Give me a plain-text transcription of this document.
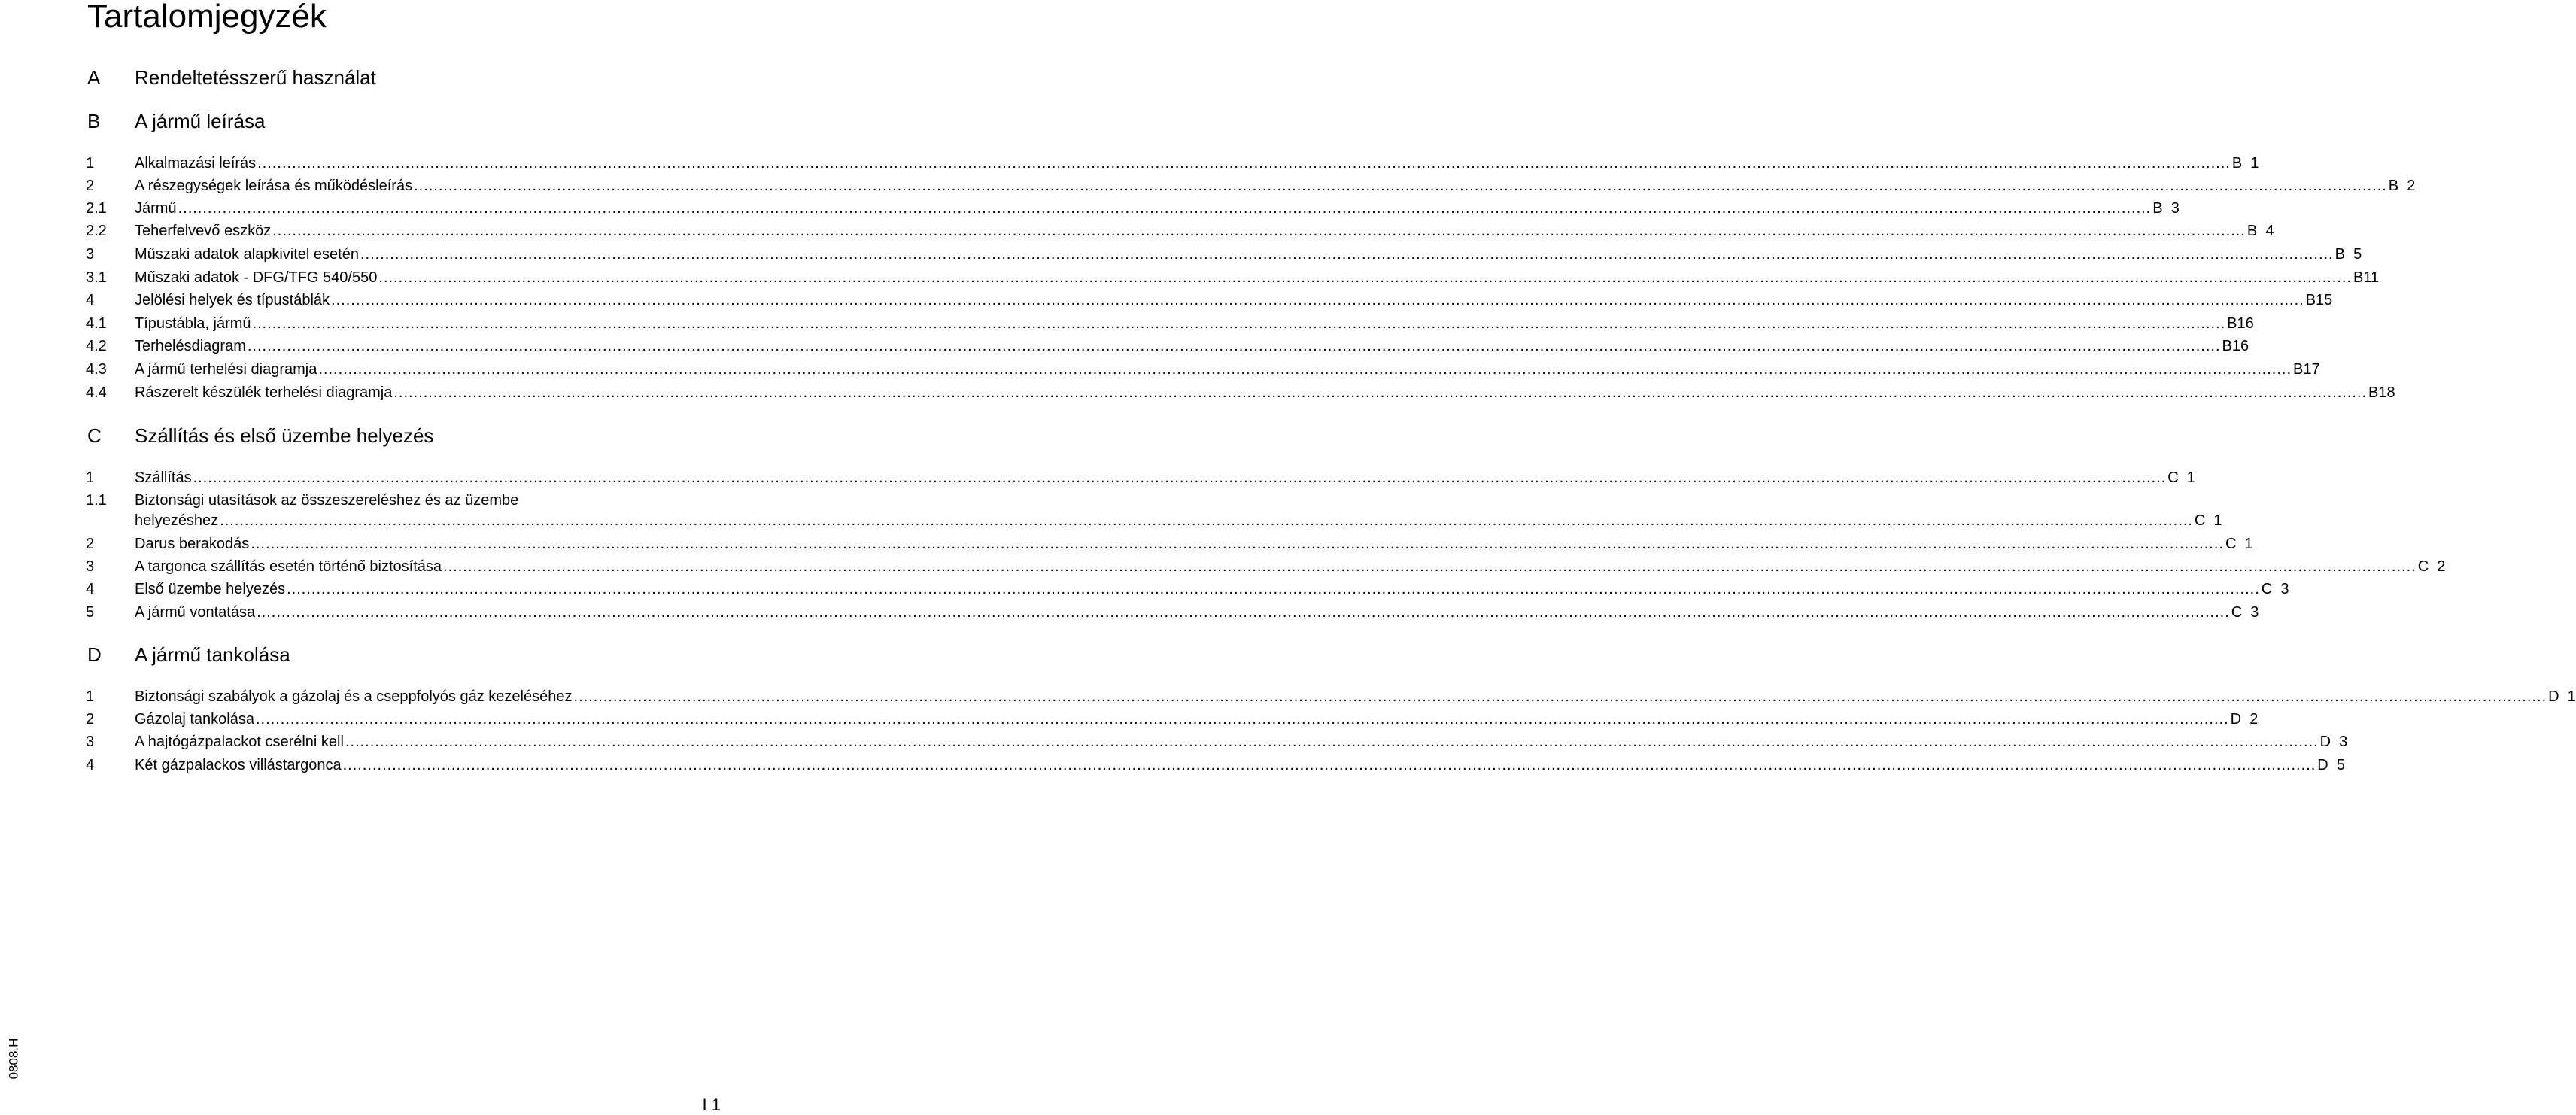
Tartalomjegyzék
A Rendeltetésszerű használat
B A jármű leírása
1	Alkalmazási leírás ................................................................................................................................................................................................................................................................................................................................................................................................................ B  1
2	A részegységek leírása és működésleírás ................................................................................................................................................................................................................................................................................................................................................................................................................ B  2
2.1 Jármű ................................................................................................................................................................................................................................................................................................................................................................................................................ B  3
2.2 Teherfelvevő eszköz ................................................................................................................................................................................................................................................................................................................................................................................................................ B  4
3	Műszaki adatok alapkivitel esetén ................................................................................................................................................................................................................................................................................................................................................................................................................ B  5
3.1 Műszaki adatok - DFG/TFG 540/550 ................................................................................................................................................................................................................................................................................................................................................................................................................ B11
4	Jelölési helyek és típustáblák ................................................................................................................................................................................................................................................................................................................................................................................................................ B15
4.1 Típustábla, jármű ................................................................................................................................................................................................................................................................................................................................................................................................................ B16
4.2 Terhelésdiagram ................................................................................................................................................................................................................................................................................................................................................................................................................ B16
4.3 A jármű terhelési diagramja ................................................................................................................................................................................................................................................................................................................................................................................................................ B17
4.4 Rászerelt készülék terhelési diagramja ................................................................................................................................................................................................................................................................................................................................................................................................................ B18
C Szállítás és első üzembe helyezés
1	Szállítás ................................................................................................................................................................................................................................................................................................................................................................................................................ C  1
1.1 Biztonsági utasítások az összeszereléshez és az üzembe
helyezéshez ................................................................................................................................................................................................................................................................................................................................................................................................................ C  1
2	Darus berakodás ................................................................................................................................................................................................................................................................................................................................................................................................................ C  1
3	A targonca szállítás esetén történő biztosítása ................................................................................................................................................................................................................................................................................................................................................................................................................ C  2
4	Első üzembe helyezés ................................................................................................................................................................................................................................................................................................................................................................................................................ C  3
5	A jármű vontatása ................................................................................................................................................................................................................................................................................................................................................................................................................ C  3
D A jármű tankolása
1	Biztonsági szabályok a gázolaj és a cseppfolyós gáz kezeléséhez ................................................................................................................................................................................................................................................................................................................................................................................................................ D  1
2	Gázolaj tankolása ................................................................................................................................................................................................................................................................................................................................................................................................................ D  2
3	A hajtógázpalackot cserélni kell ................................................................................................................................................................................................................................................................................................................................................................................................................ D  3
4	Két gázpalackos villástargonca ................................................................................................................................................................................................................................................................................................................................................................................................................ D  5
0808.H
I 1
